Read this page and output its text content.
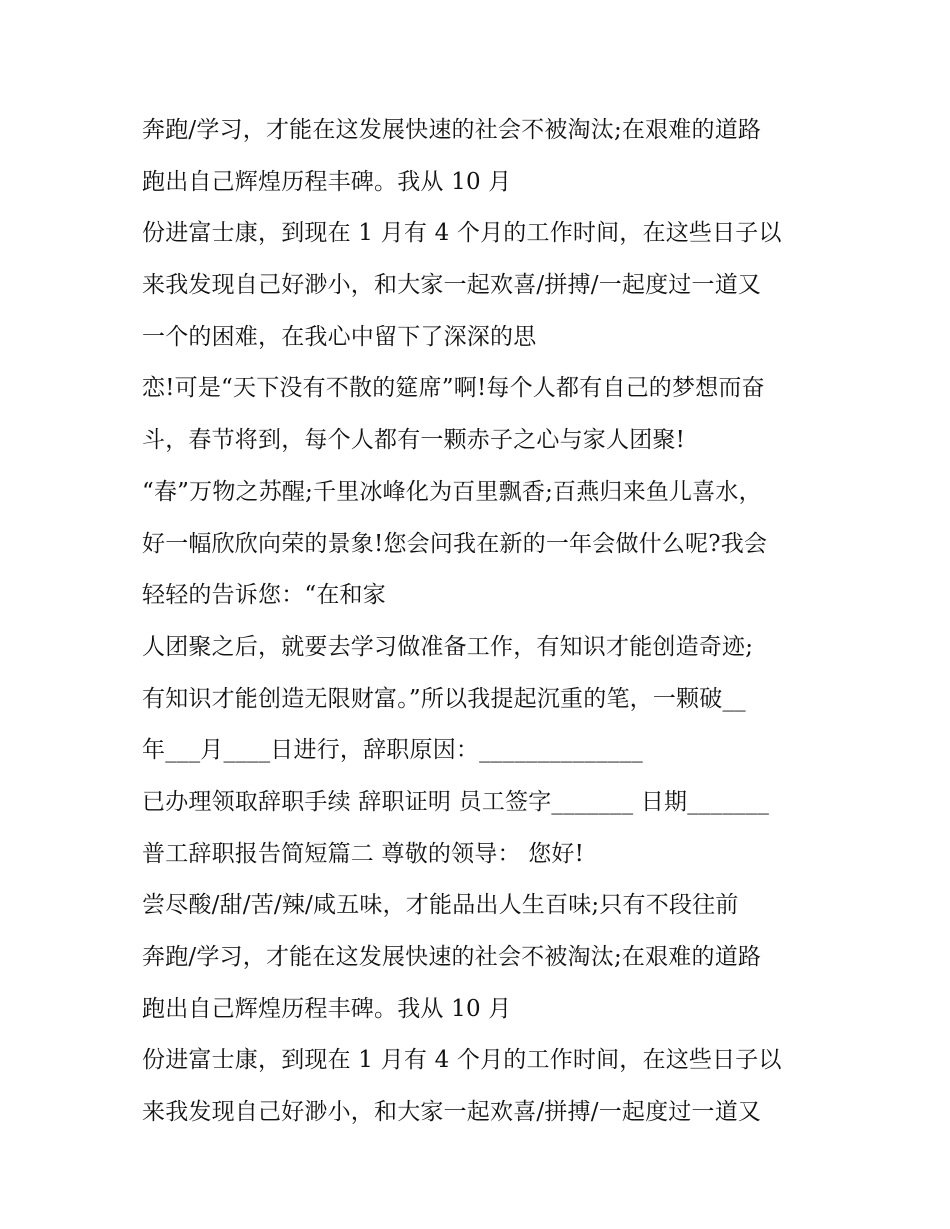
奔跑/学习，才能在这发展快速的社会不被淘汰;在艰难的道路
跑出自己辉煌历程丰碑。我从 10 月
份进富士康，到现在 1 月有 4 个月的工作时间，在这些日子以
来我发现自己好渺小，和大家一起欢喜/拼搏/一起度过一道又
一个的困难，在我心中留下了深深的思
恋!可是“天下没有不散的筵席”啊!每个人都有自己的梦想而奋
斗，春节将到，每个人都有一颗赤子之心与家人团聚!
“春”万物之苏醒;千里冰峰化为百里飘香;百燕归来鱼儿喜水，
好一幅欣欣向荣的景象!您会问我在新的一年会做什么呢?我会
轻轻的告诉您：“在和家
人团聚之后，就要去学习做准备工作，有知识才能创造奇迹;
有知识才能创造无限财富。”所以我提起沉重的笔，一颗破__
年___月____日进行，辞职原因：______________
已办理领取辞职手续 辞职证明 员工签字_______ 日期_______
普工辞职报告简短篇二 尊敬的领导： 您好!
尝尽酸/甜/苦/辣/咸五味，才能品出人生百味;只有不段往前
奔跑/学习，才能在这发展快速的社会不被淘汰;在艰难的道路
跑出自己辉煌历程丰碑。我从 10 月
份进富士康，到现在 1 月有 4 个月的工作时间，在这些日子以
来我发现自己好渺小，和大家一起欢喜/拼搏/一起度过一道又
